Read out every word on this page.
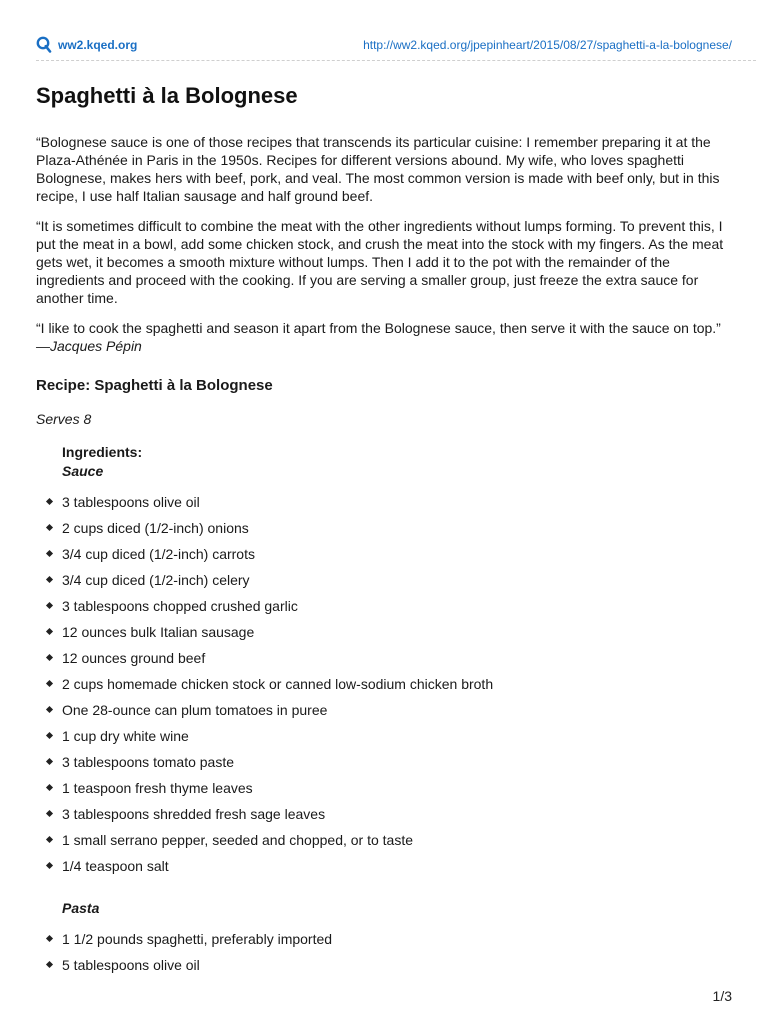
ww2.kqed.org	http://ww2.kqed.org/jpepinheart/2015/08/27/spaghetti-a-la-bolognese/
Spaghetti à la Bolognese

“Bolognese sauce is one of those recipes that transcends its particular cuisine: I remember preparing it at the Plaza-Athénée in Paris in the 1950s. Recipes for different versions abound. My wife, who loves spaghetti Bolognese, makes hers with beef, pork, and veal. The most common version is made with beef only, but in this recipe, I use half Italian sausage and half ground beef.

“It is sometimes difficult to combine the meat with the other ingredients without lumps forming. To prevent this, I put the meat in a bowl, add some chicken stock, and crush the meat into the stock with my fingers. As the meat gets wet, it becomes a smooth mixture without lumps. Then I add it to the pot with the remainder of the ingredients and proceed with the cooking. If you are serving a smaller group, just freeze the extra sauce for another time.

“I like to cook the spaghetti and season it apart from the Bolognese sauce, then serve it with the sauce on top.”
—Jacques Pépin

Recipe: Spaghetti à la Bolognese
Serves 8
Ingredients:
Sauce
3 tablespoons olive oil
2 cups diced (1/2-inch) onions
3/4 cup diced (1/2-inch) carrots
3/4 cup diced (1/2-inch) celery
3 tablespoons chopped crushed garlic
12 ounces bulk Italian sausage
12 ounces ground beef
2 cups homemade chicken stock or canned low-sodium chicken broth
One 28-ounce can plum tomatoes in puree
1 cup dry white wine
3 tablespoons tomato paste
1 teaspoon fresh thyme leaves
3 tablespoons shredded fresh sage leaves
1 small serrano pepper, seeded and chopped, or to taste
1/4 teaspoon salt
Pasta
1 1/2 pounds spaghetti, preferably imported
5 tablespoons olive oil
1/3
